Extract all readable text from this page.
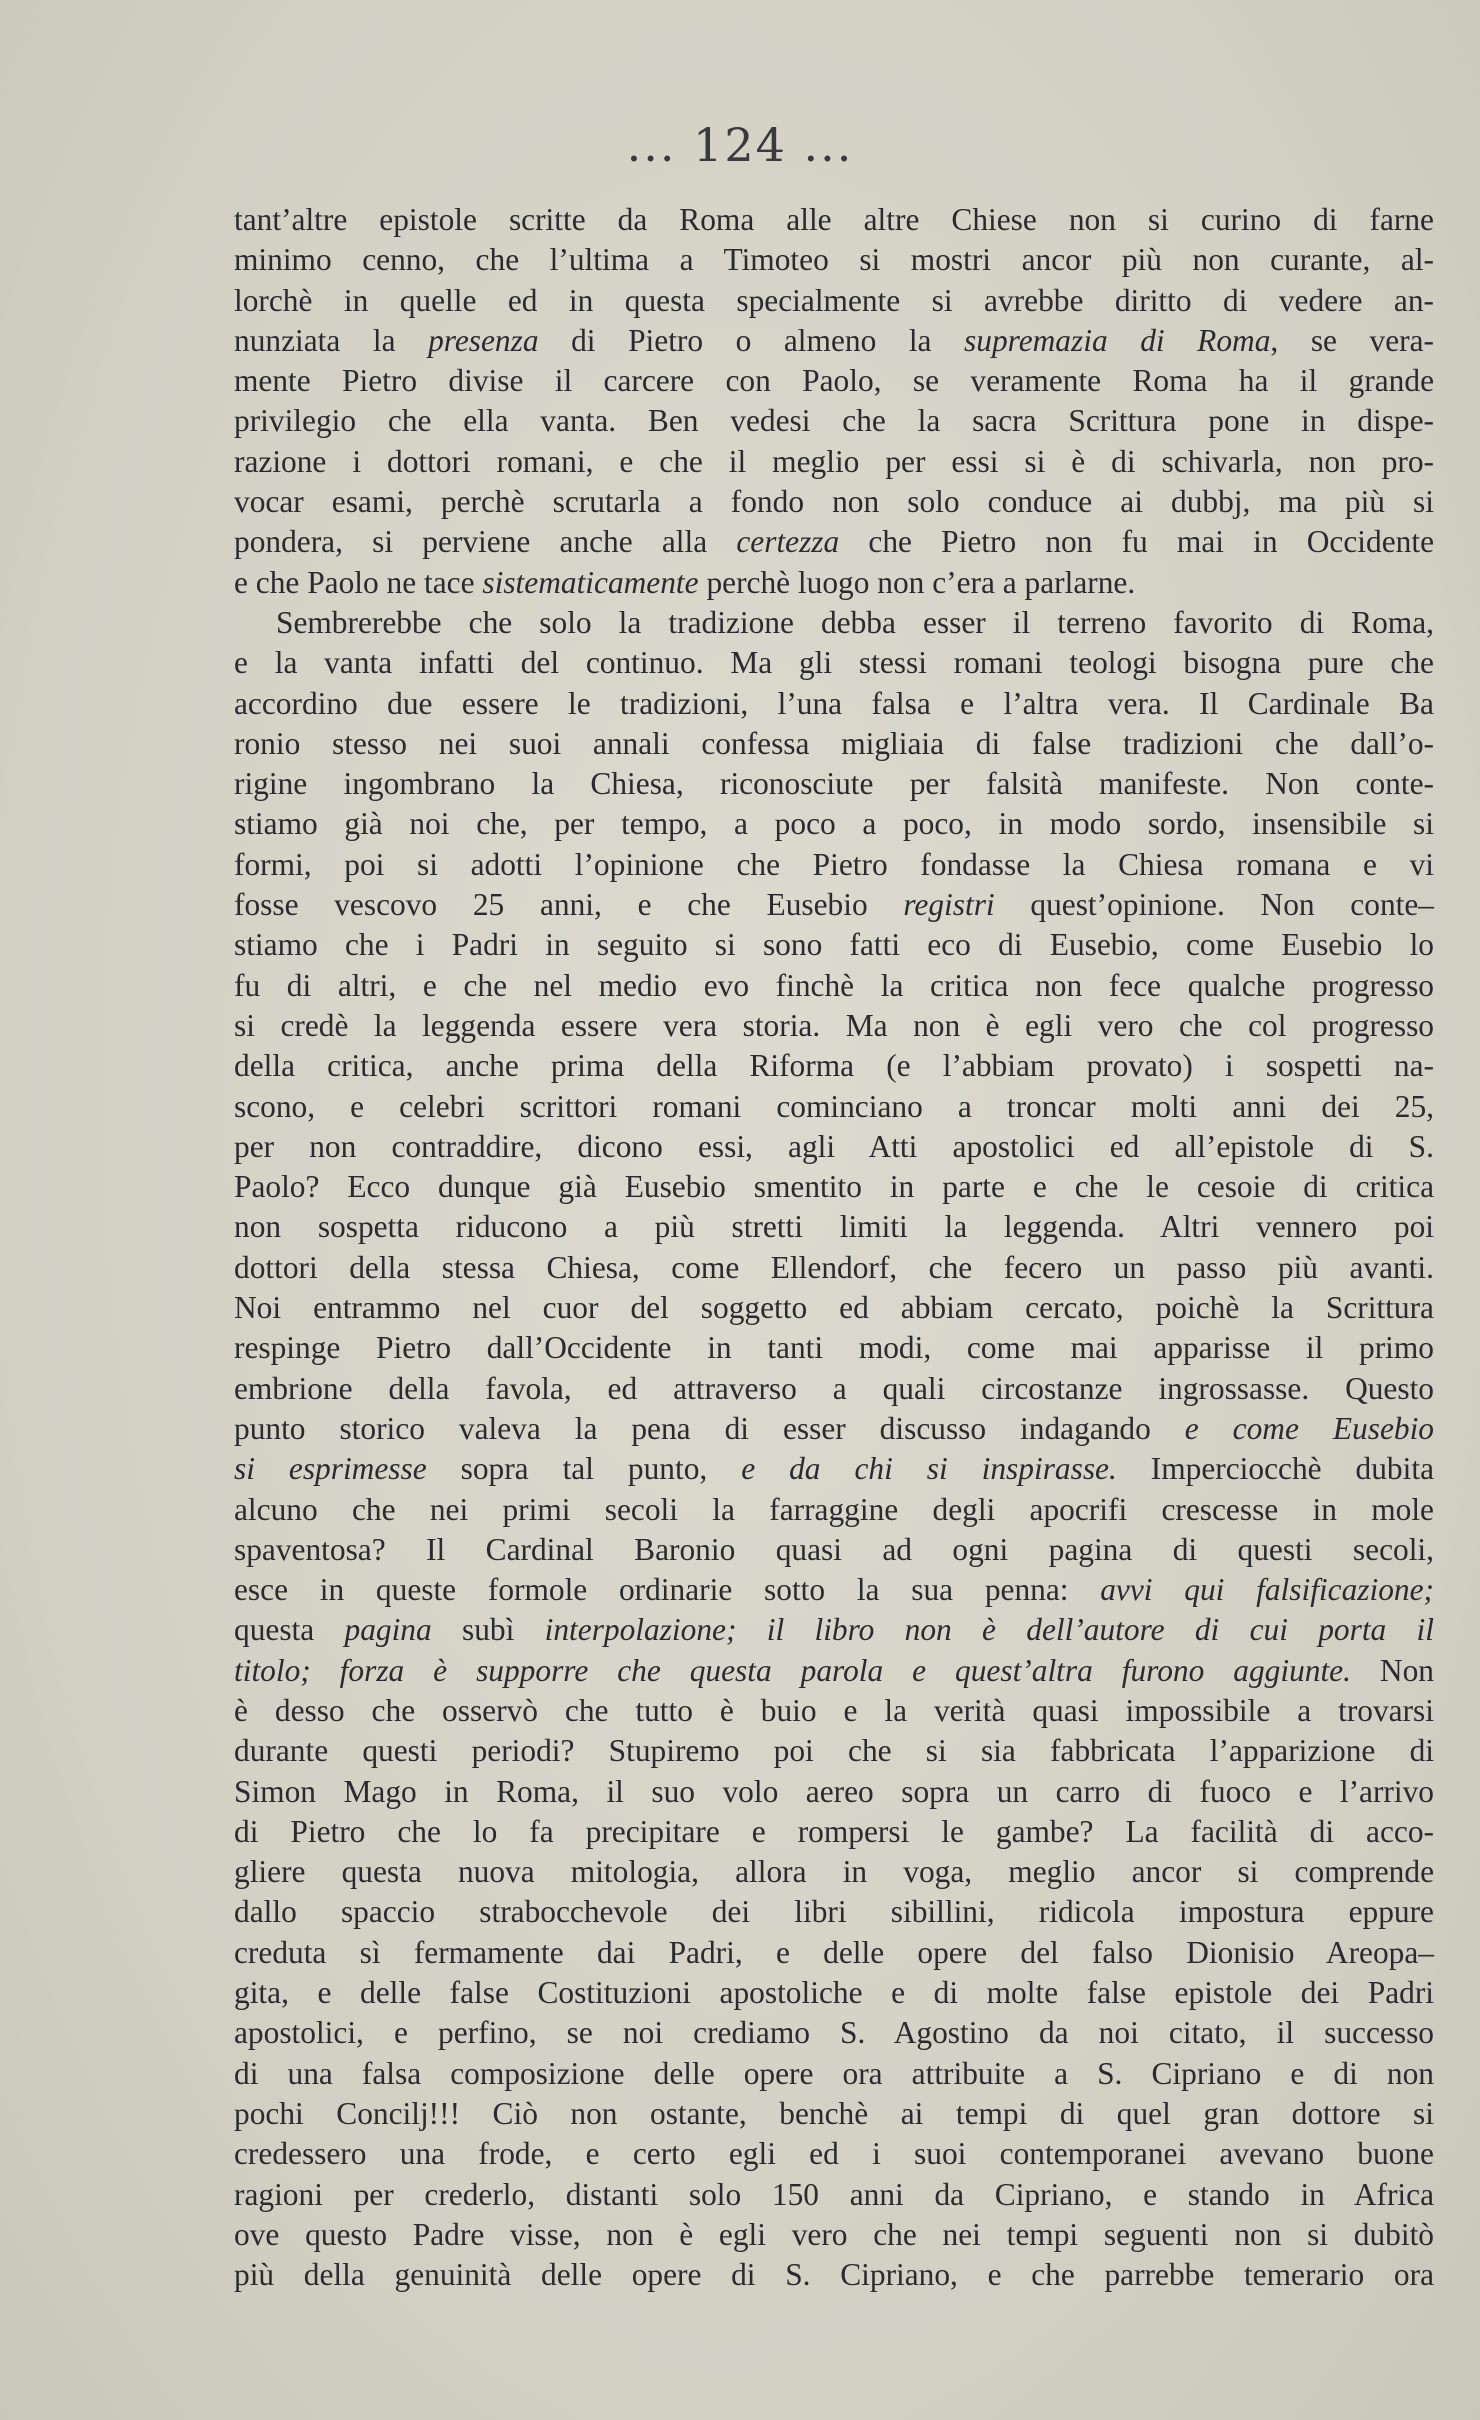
... 124 ...
tant’altre epistole scritte da Roma alle altre Chiese non si curino di farne
minimo cenno, che l’ultima a Timoteo si mostri ancor più non curante, al-
lorchè in quelle ed in questa specialmente si avrebbe diritto di vedere an-
nunziata la presenza di Pietro o almeno la supremazia di Roma, se vera-
mente Pietro divise il carcere con Paolo, se veramente Roma ha il grande
privilegio che ella vanta. Ben vedesi che la sacra Scrittura pone in dispe-
razione i dottori romani, e che il meglio per essi si è di schivarla, non pro-
vocar esami, perchè scrutarla a fondo non solo conduce ai dubbj, ma più si
pondera, si perviene anche alla certezza che Pietro non fu mai in Occidente
e che Paolo ne tace sistematicamente perchè luogo non c’era a parlarne.
Sembrerebbe che solo la tradizione debba esser il terreno favorito di Roma,
e la vanta infatti del continuo. Ma gli stessi romani teologi bisogna pure che
accordino due essere le tradizioni, l’una falsa e l’altra vera. Il Cardinale Ba
ronio stesso nei suoi annali confessa migliaia di false tradizioni che dall’o-
rigine ingombrano la Chiesa, riconosciute per falsità manifeste. Non conte-
stiamo già noi che, per tempo, a poco a poco, in modo sordo, insensibile si
formi, poi si adotti l’opinione che Pietro fondasse la Chiesa romana e vi
fosse vescovo 25 anni, e che Eusebio registri quest’opinione. Non conte–
stiamo che i Padri in seguito si sono fatti eco di Eusebio, come Eusebio lo
fu di altri, e che nel medio evo finchè la critica non fece qualche progresso
si credè la leggenda essere vera storia. Ma non è egli vero che col progresso
della critica, anche prima della Riforma (e l’abbiam provato) i sospetti na-
scono, e celebri scrittori romani cominciano a troncar molti anni dei 25,
per non contraddire, dicono essi, agli Atti apostolici ed all’epistole di S.
Paolo? Ecco dunque già Eusebio smentito in parte e che le cesoie di critica
non sospetta riducono a più stretti limiti la leggenda. Altri vennero poi
dottori della stessa Chiesa, come Ellendorf, che fecero un passo più avanti.
Noi entrammo nel cuor del soggetto ed abbiam cercato, poichè la Scrittura
respinge Pietro dall’Occidente in tanti modi, come mai apparisse il primo
embrione della favola, ed attraverso a quali circostanze ingrossasse. Questo
punto storico valeva la pena di esser discusso indagando e come Eusebio
si esprimesse sopra tal punto, e da chi si inspirasse. Imperciocchè dubita
alcuno che nei primi secoli la farraggine degli apocrifi crescesse in mole
spaventosa? Il Cardinal Baronio quasi ad ogni pagina di questi secoli,
esce in queste formole ordinarie sotto la sua penna: avvi qui falsificazione;
questa pagina subì interpolazione; il libro non è dell’autore di cui porta il
titolo; forza è supporre che questa parola e quest’altra furono aggiunte. Non
è desso che osservò che tutto è buio e la verità quasi impossibile a trovarsi
durante questi periodi? Stupiremo poi che si sia fabbricata l’apparizione di
Simon Mago in Roma, il suo volo aereo sopra un carro di fuoco e l’arrivo
di Pietro che lo fa precipitare e rompersi le gambe? La facilità di acco-
gliere questa nuova mitologia, allora in voga, meglio ancor si comprende
dallo spaccio strabocchevole dei libri sibillini, ridicola impostura eppure
creduta sì fermamente dai Padri, e delle opere del falso Dionisio Areopa–
gita, e delle false Costituzioni apostoliche e di molte false epistole dei Padri
apostolici, e perfino, se noi crediamo S. Agostino da noi citato, il successo
di una falsa composizione delle opere ora attribuite a S. Cipriano e di non
pochi Concilj!!! Ciò non ostante, benchè ai tempi di quel gran dottore si
credessero una frode, e certo egli ed i suoi contemporanei avevano buone
ragioni per crederlo, distanti solo 150 anni da Cipriano, e stando in Africa
ove questo Padre visse, non è egli vero che nei tempi seguenti non si dubitò
più della genuinità delle opere di S. Cipriano, e che parrebbe temerario ora
